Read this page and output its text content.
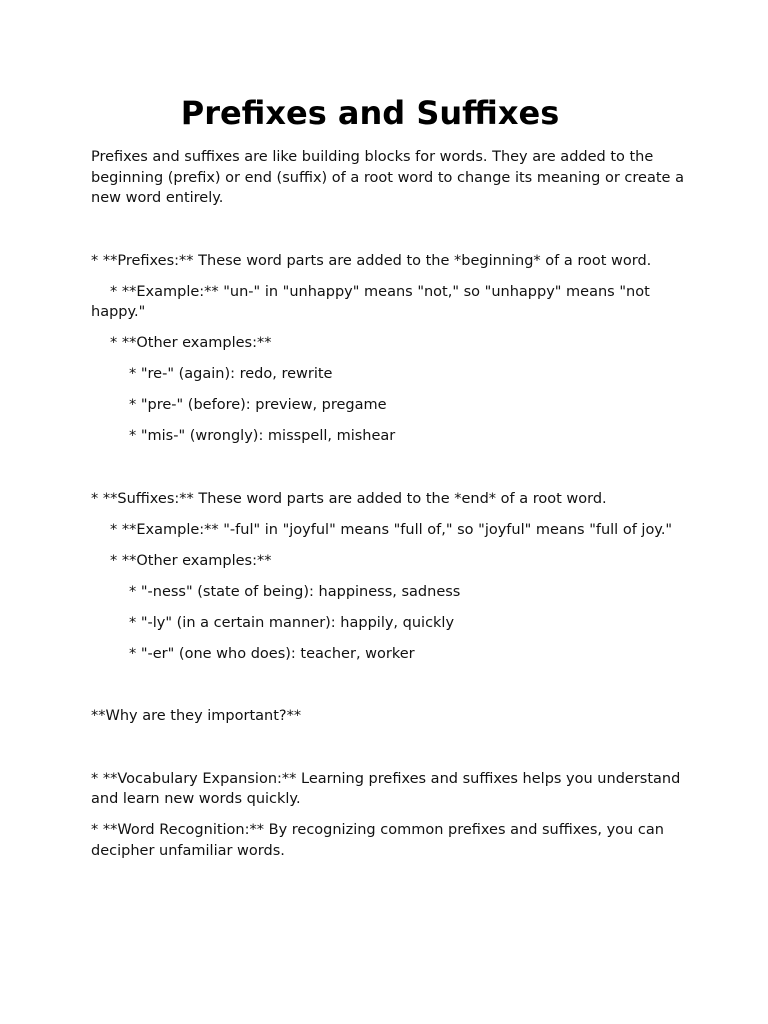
Prefixes and Suffixes

Prefixes and suffixes are like building blocks for words. They are added to the beginning (prefix) or end (suffix) of a root word to change its meaning or create a new word entirely.

* **Prefixes:** These word parts are added to the *beginning* of a root word.

* **Example:** "un-" in "unhappy" means "not," so "unhappy" means "not happy."

* **Other examples:**

* "re-" (again): redo, rewrite

* "pre-" (before): preview, pregame

* "mis-" (wrongly): misspell, mishear

* **Suffixes:** These word parts are added to the *end* of a root word.

* **Example:** "-ful" in "joyful" means "full of," so "joyful" means "full of joy."

* **Other examples:**

* "-ness" (state of being): happiness, sadness

* "-ly" (in a certain manner): happily, quickly

* "-er" (one who does): teacher, worker

**Why are they important?**

* **Vocabulary Expansion:** Learning prefixes and suffixes helps you understand and learn new words quickly.

* **Word Recognition:** By recognizing common prefixes and suffixes, you can decipher unfamiliar words.
